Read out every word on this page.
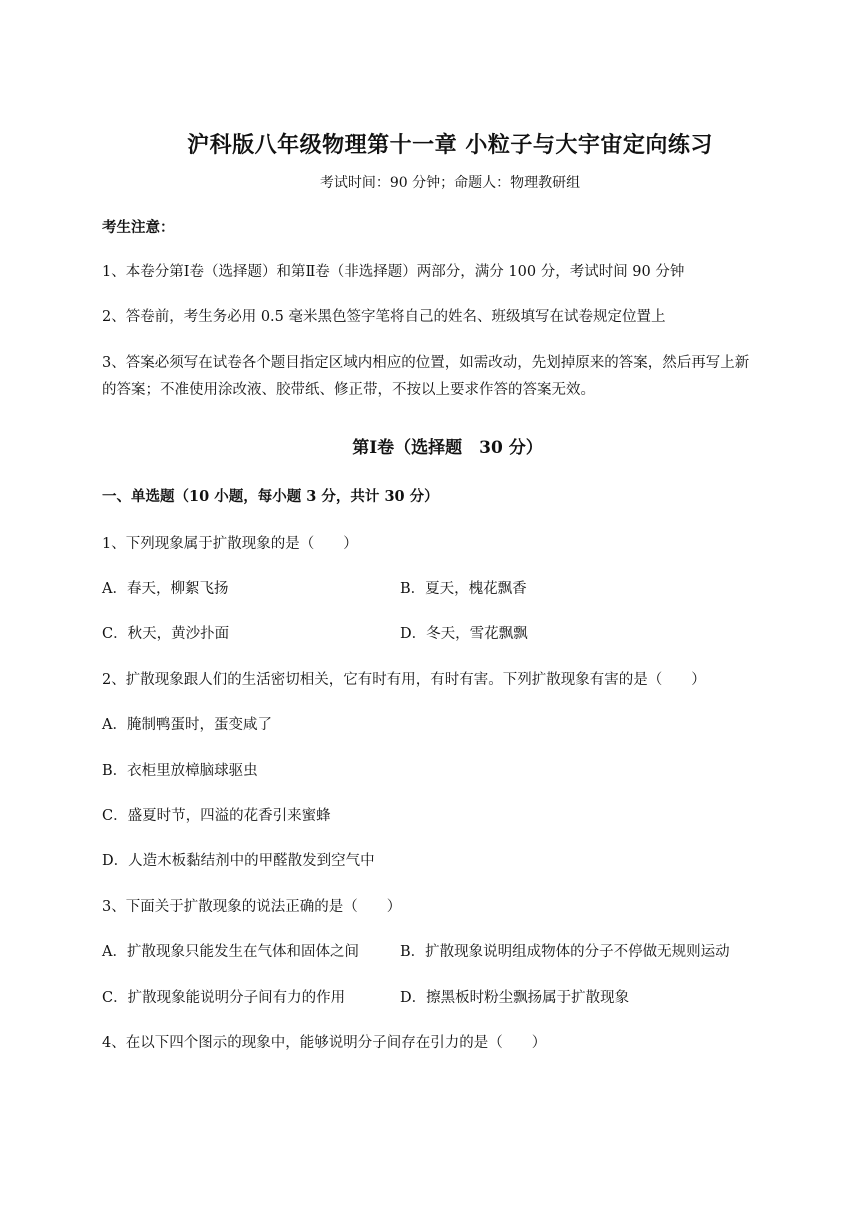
沪科版八年级物理第十一章 小粒子与大宇宙定向练习
考试时间：90 分钟；命题人：物理教研组
考生注意：
1、本卷分第Ⅰ卷（选择题）和第Ⅱ卷（非选择题）两部分，满分 100 分，考试时间 90 分钟
2、答卷前，考生务必用 0.5 毫米黑色签字笔将自己的姓名、班级填写在试卷规定位置上
3、答案必须写在试卷各个题目指定区域内相应的位置，如需改动，先划掉原来的答案，然后再写上新
的答案；不准使用涂改液、胶带纸、修正带，不按以上要求作答的答案无效。
第Ⅰ卷（选择题　30 分）
一、单选题（10 小题，每小题 3 分，共计 30 分）
1、下列现象属于扩散现象的是（　　）
A．春天，柳絮飞扬	B．夏天，槐花飘香
C．秋天，黄沙扑面	D．冬天，雪花飘飘
2、扩散现象跟人们的生活密切相关，它有时有用，有时有害。下列扩散现象有害的是（　　）
A．腌制鸭蛋时，蛋变咸了
B．衣柜里放樟脑球驱虫
C．盛夏时节，四溢的花香引来蜜蜂
D．人造木板黏结剂中的甲醛散发到空气中
3、下面关于扩散现象的说法正确的是（　　）
A．扩散现象只能发生在气体和固体之间	B．扩散现象说明组成物体的分子不停做无规则运动
C．扩散现象能说明分子间有力的作用	D．擦黑板时粉尘飘扬属于扩散现象
4、在以下四个图示的现象中，能够说明分子间存在引力的是（　　）
